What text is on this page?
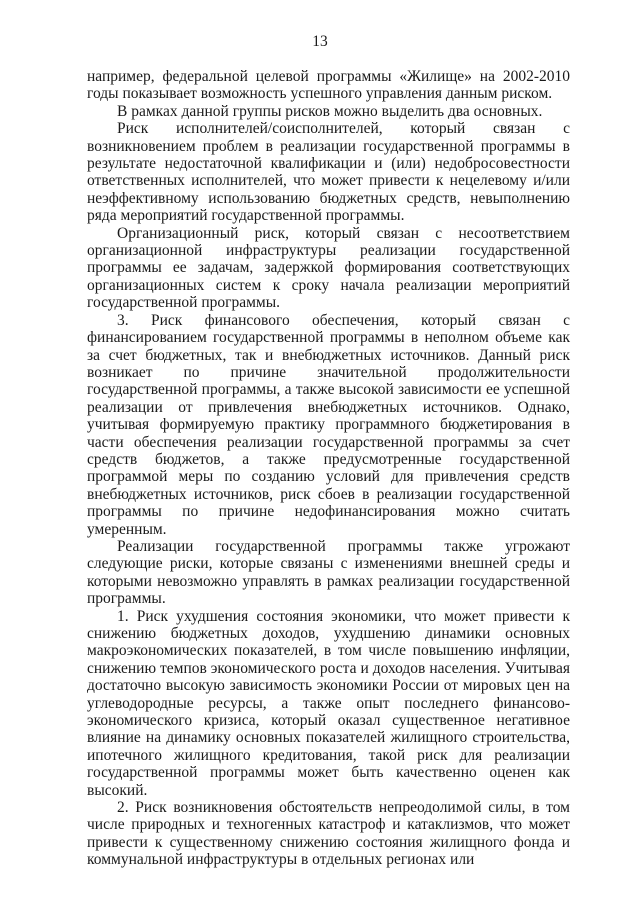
13

например, федеральной целевой программы «Жилище» на 2002-2010 годы показывает возможность успешного управления данным риском.

В рамках данной группы рисков можно выделить два основных.

Риск исполнителей/соисполнителей, который связан с возникновением проблем в реализации государственной программы в результате недостаточной квалификации и (или) недобросовестности ответственных исполнителей, что может привести к нецелевому и/или неэффективному использованию бюджетных средств, невыполнению ряда мероприятий государственной программы.

Организационный риск, который связан с несоответствием организационной инфраструктуры реализации государственной программы ее задачам, задержкой формирования соответствующих организационных систем к сроку начала реализации мероприятий государственной программы.

3. Риск финансового обеспечения, который связан с финансированием государственной программы в неполном объеме как за счет бюджетных, так и внебюджетных источников. Данный риск возникает по причине значительной продолжительности государственной программы, а также высокой зависимости ее успешной реализации от привлечения внебюджетных источников. Однако, учитывая формируемую практику программного бюджетирования в части обеспечения реализации государственной программы за счет средств бюджетов, а также предусмотренные государственной программой меры по созданию условий для привлечения средств внебюджетных источников, риск сбоев в реализации государственной программы по причине недофинансирования можно считать умеренным.

Реализации государственной программы также угрожают следующие риски, которые связаны с изменениями внешней среды и которыми невозможно управлять в рамках реализации государственной программы.

1. Риск ухудшения состояния экономики, что может привести к снижению бюджетных доходов, ухудшению динамики основных макроэкономических показателей, в том числе повышению инфляции, снижению темпов экономического роста и доходов населения. Учитывая достаточно высокую зависимость экономики России от мировых цен на углеводородные ресурсы, а также опыт последнего финансово-экономического кризиса, который оказал существенное негативное влияние на динамику основных показателей жилищного строительства, ипотечного жилищного кредитования, такой риск для реализации государственной программы может быть качественно оценен как высокий.

2. Риск возникновения обстоятельств непреодолимой силы, в том числе природных и техногенных катастроф и катаклизмов, что может привести к существенному снижению состояния жилищного фонда и коммунальной инфраструктуры в отдельных регионах или
